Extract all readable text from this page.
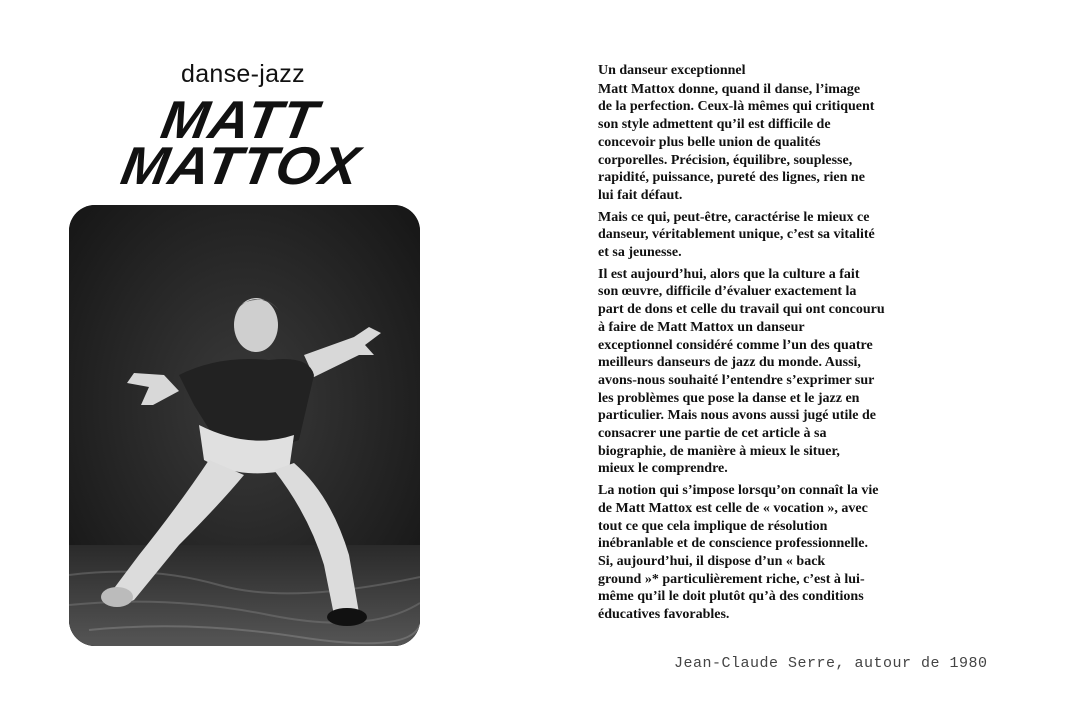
danse-jazz
MATT
MATTOX
Un danseur exceptionnel

Matt Mattox donne, quand il danse, l’image
de la perfection. Ceux-là mêmes qui critiquent
son style admettent qu’il est difficile de
concevoir plus belle union de qualités
corporelles. Précision, équilibre, souplesse,
rapidité, puissance, pureté des lignes, rien ne
lui fait défaut.

Mais ce qui, peut-être, caractérise le mieux ce
danseur, véritablement unique, c’est sa vitalité
et sa jeunesse.

Il est aujourd’hui, alors que la culture a fait
son œuvre, difficile d’évaluer exactement la
part de dons et celle du travail qui ont concouru
à faire de Matt Mattox un danseur
exceptionnel considéré comme l’un des quatre
meilleurs danseurs de jazz du monde. Aussi,
avons-nous souhaité l’entendre s’exprimer sur
les problèmes que pose la danse et le jazz en
particulier. Mais nous avons aussi jugé utile de
consacrer une partie de cet article à sa
biographie, de manière à mieux le situer,
mieux le comprendre.

La notion qui s’impose lorsqu’on connaît la vie
de Matt Mattox est celle de « vocation », avec
tout ce que cela implique de résolution
inébranlable et de conscience professionnelle.
Si, aujourd’hui, il dispose d’un « back
ground »* particulièrement riche, c’est à lui-
même qu’il le doit plutôt qu’à des conditions
éducatives favorables.

Jean-Claude Serre, autour de 1980
